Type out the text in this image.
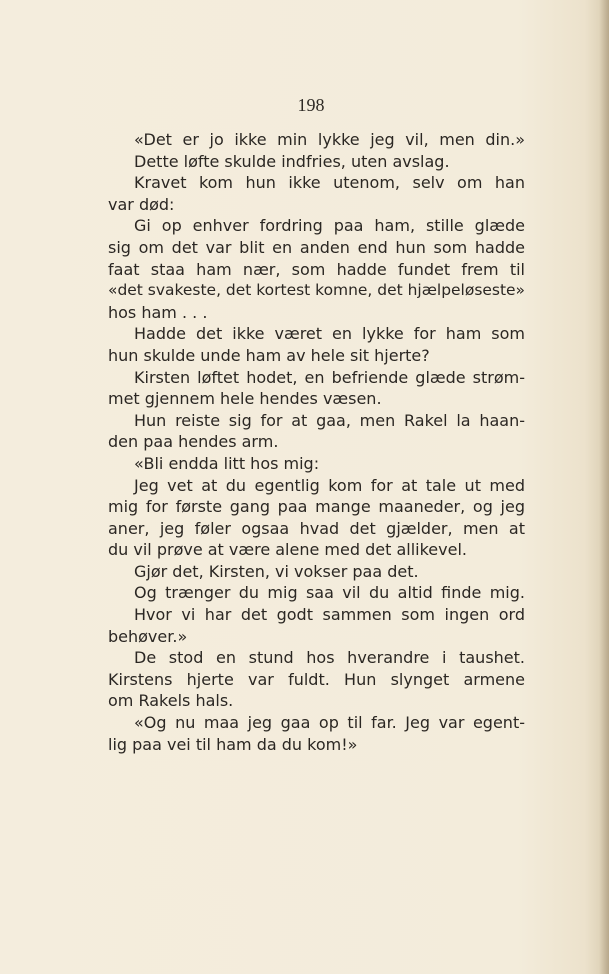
198
«Det er jo ikke min lykke jeg vil, men din.»
Dette løfte skulde indfries, uten avslag.
Kravet kom hun ikke utenom, selv om han
var død:
Gi op enhver fordring paa ham, stille glæde
sig om det var blit en anden end hun som hadde
faat staa ham nær, som hadde fundet frem til
«det svakeste, det kortest komne, det hjælpeløseste»
hos ham . . .
Hadde det ikke været en lykke for ham som
hun skulde unde ham av hele sit hjerte?
Kirsten løftet hodet, en befriende glæde strøm-
met gjennem hele hendes væsen.
Hun reiste sig for at gaa, men Rakel la haan-
den paa hendes arm.
«Bli endda litt hos mig:
Jeg vet at du egentlig kom for at tale ut med
mig for første gang paa mange maaneder, og jeg
aner, jeg føler ogsaa hvad det gjælder, men at
du vil prøve at være alene med det allikevel.
Gjør det, Kirsten, vi vokser paa det.
Og trænger du mig saa vil du altid finde mig.
Hvor vi har det godt sammen som ingen ord
behøver.»
De stod en stund hos hverandre i taushet.
Kirstens hjerte var fuldt. Hun slynget armene
om Rakels hals.
«Og nu maa jeg gaa op til far. Jeg var egent-
lig paa vei til ham da du kom!»
